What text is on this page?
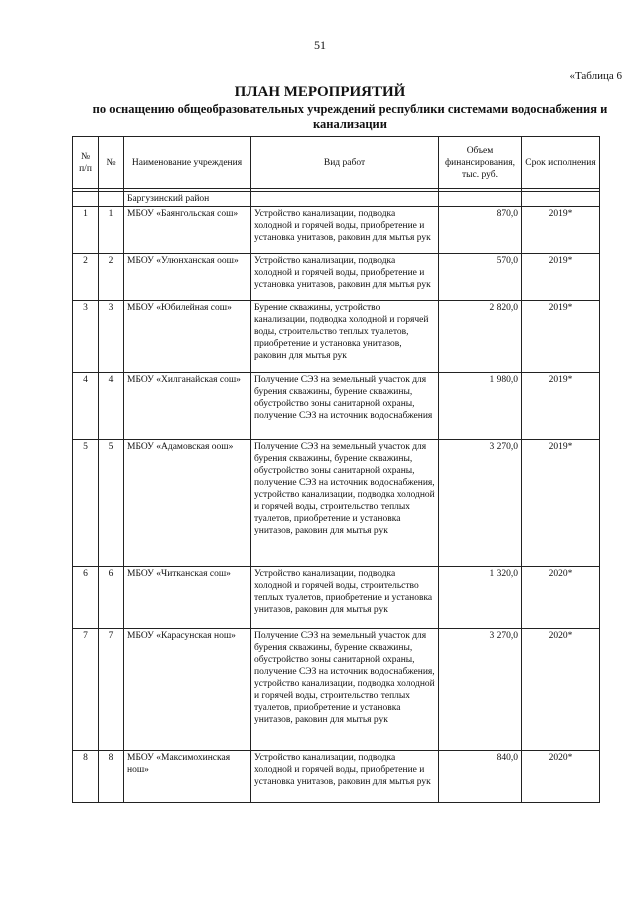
51
«Таблица 6
ПЛАН МЕРОПРИЯТИЙ
по оснащению общеобразовательных учреждений республики системами водоснабжения и канализации
№ п/п	№	Наименование учреждения	Вид работ	Объем финансирования, тыс. руб.	Срок исполнения

		Баргузинский район			
1	1	МБОУ «Баянгольская сош»	Устройство канализации, подводка холодной и горячей воды, приобретение и установка унитазов, раковин для мытья рук	870,0	2019*
2	2	МБОУ «Улюнханская оош»	Устройство канализации, подводка холодной и горячей воды, приобретение и установка унитазов, раковин для мытья рук	570,0	2019*
3	3	МБОУ «Юбилейная сош»	Бурение скважины, устройство канализации, подводка холодной и горячей воды, строительство теплых туалетов, приобретение и установка унитазов, раковин для мытья рук	2 820,0	2019*
4	4	МБОУ «Хилганайская сош»	Получение СЭЗ на земельный участок для бурения скважины, бурение скважины, обустройство зоны санитарной охраны, получение СЭЗ на источник водоснабжения	1 980,0	2019*
5	5	МБОУ «Адамовская оош»	Получение СЭЗ на земельный участок для бурения скважины, бурение скважины, обустройство зоны санитарной охраны, получение СЭЗ на источник водоснабжения, устройство канализации, подводка холодной и горячей воды, строительство теплых туалетов, приобретение и установка унитазов, раковин для мытья рук	3 270,0	2019*
6	6	МБОУ «Читканская сош»	Устройство канализации, подводка холодной и горячей воды, строительство теплых туалетов, приобретение и установка унитазов, раковин для мытья рук	1 320,0	2020*
7	7	МБОУ «Карасунская нош»	Получение СЭЗ на земельный участок для бурения скважины, бурение скважины, обустройство зоны санитарной охраны, получение СЭЗ на источник водоснабжения, устройство канализации, подводка холодной и горячей воды, строительство теплых туалетов, приобретение и установка унитазов, раковин для мытья рук	3 270,0	2020*
8	8	МБОУ «Максимохинская нош»	Устройство канализации, подводка холодной и горячей воды, приобретение и установка унитазов, раковин для мытья рук	840,0	2020*
